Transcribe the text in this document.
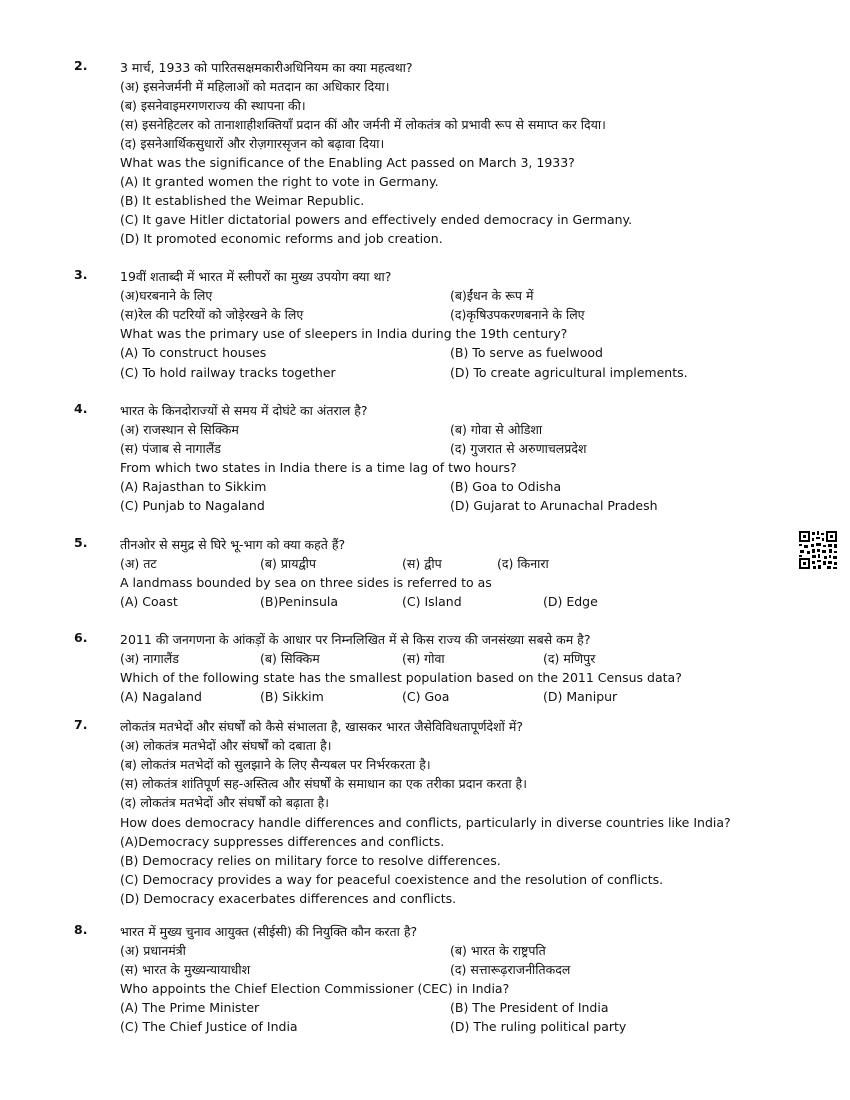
2.	3 मार्च, 1933 को पारितसक्षमकारीअधिनियम का क्या महत्वथा?
(अ) इसनेजर्मनी में महिलाओं को मतदान का अधिकार दिया।
(ब) इसनेवाइमरगणराज्य की स्थापना की।
(स) इसनेहिटलर को तानाशाहीशक्तियाँ प्रदान कीं और जर्मनी में लोकतंत्र को प्रभावी रूप से समाप्त कर दिया।
(द) इसनेआर्थिकसुधारों और रोज़गारसृजन को बढ़ावा दिया।
What was the significance of the Enabling Act passed on March 3, 1933?
(A) It granted women the right to vote in Germany.
(B) It established the Weimar Republic.
(C) It gave Hitler dictatorial powers and effectively ended democracy in Germany.
(D) It promoted economic reforms and job creation.
3.	19वीं शताब्दी में भारत में स्लीपरों का मुख्य उपयोग क्या था?
(अ)घरबनाने के लिए	(ब)ईंधन के रूप में
(स)रेल की पटरियों को जोड़ेरखने के लिए	(द)कृषिउपकरणबनाने के लिए
What was the primary use of sleepers in India during the 19th century?
(A) To construct houses	(B) To serve as fuelwood
(C) To hold railway tracks together	(D) To create agricultural implements.
4.	भारत के किनदोराज्यों से समय में दोघंटे का अंतराल है?
(अ) राजस्थान से सिक्किम	(ब) गोवा से ओडिशा
(स) पंजाब से नागालैंड	(द) गुजरात से अरुणाचलप्रदेश
From which two states in India there is a time lag of two hours?
(A) Rajasthan to Sikkim	(B) Goa to Odisha
(C) Punjab to Nagaland	(D) Gujarat to Arunachal Pradesh
5.	तीनओर से समुद्र से घिरे भू-भाग को क्या कहते हैं?
(अ) तट	(ब) प्रायद्वीप	(स) द्वीप	(द) किनारा
A landmass bounded by sea on three sides is referred to as
(A) Coast	(B)Peninsula	(C) Island	(D) Edge
6.	2011 की जनगणना के आंकड़ों के आधार पर निम्नलिखित में से किस राज्य की जनसंख्या सबसे कम है?
(अ) नागालैंड	(ब) सिक्किम	(स) गोवा	(द) मणिपुर
Which of the following state has the smallest population based on the 2011 Census data?
(A) Nagaland	(B) Sikkim	(C) Goa	(D) Manipur
7.	लोकतंत्र मतभेदों और संघर्षों को कैसे संभालता है, खासकर भारत जैसेविविधतापूर्णदेशों में?
(अ) लोकतंत्र मतभेदों और संघर्षों को दबाता है।
(ब) लोकतंत्र मतभेदों को सुलझाने के लिए सैन्यबल पर निर्भरकरता है।
(स) लोकतंत्र शांतिपूर्ण सह-अस्तित्व और संघर्षों के समाधान का एक तरीका प्रदान करता है।
(द) लोकतंत्र मतभेदों और संघर्षों को बढ़ाता है।
How does democracy handle differences and conflicts, particularly in diverse countries like India?
(A)Democracy suppresses differences and conflicts.
(B) Democracy relies on military force to resolve differences.
(C) Democracy provides a way for peaceful coexistence and the resolution of conflicts.
(D) Democracy exacerbates differences and conflicts.
8.	भारत में मुख्य चुनाव आयुक्त (सीईसी) की नियुक्ति कौन करता है?
(अ) प्रधानमंत्री	(ब) भारत के राष्ट्रपति
(स) भारत के मुख्यन्यायाधीश	(द) सत्तारूढ़राजनीतिकदल
Who appoints the Chief Election Commissioner (CEC) in India?
(A) The Prime Minister	(B) The President of India
(C) The Chief Justice of India	(D) The ruling political party
